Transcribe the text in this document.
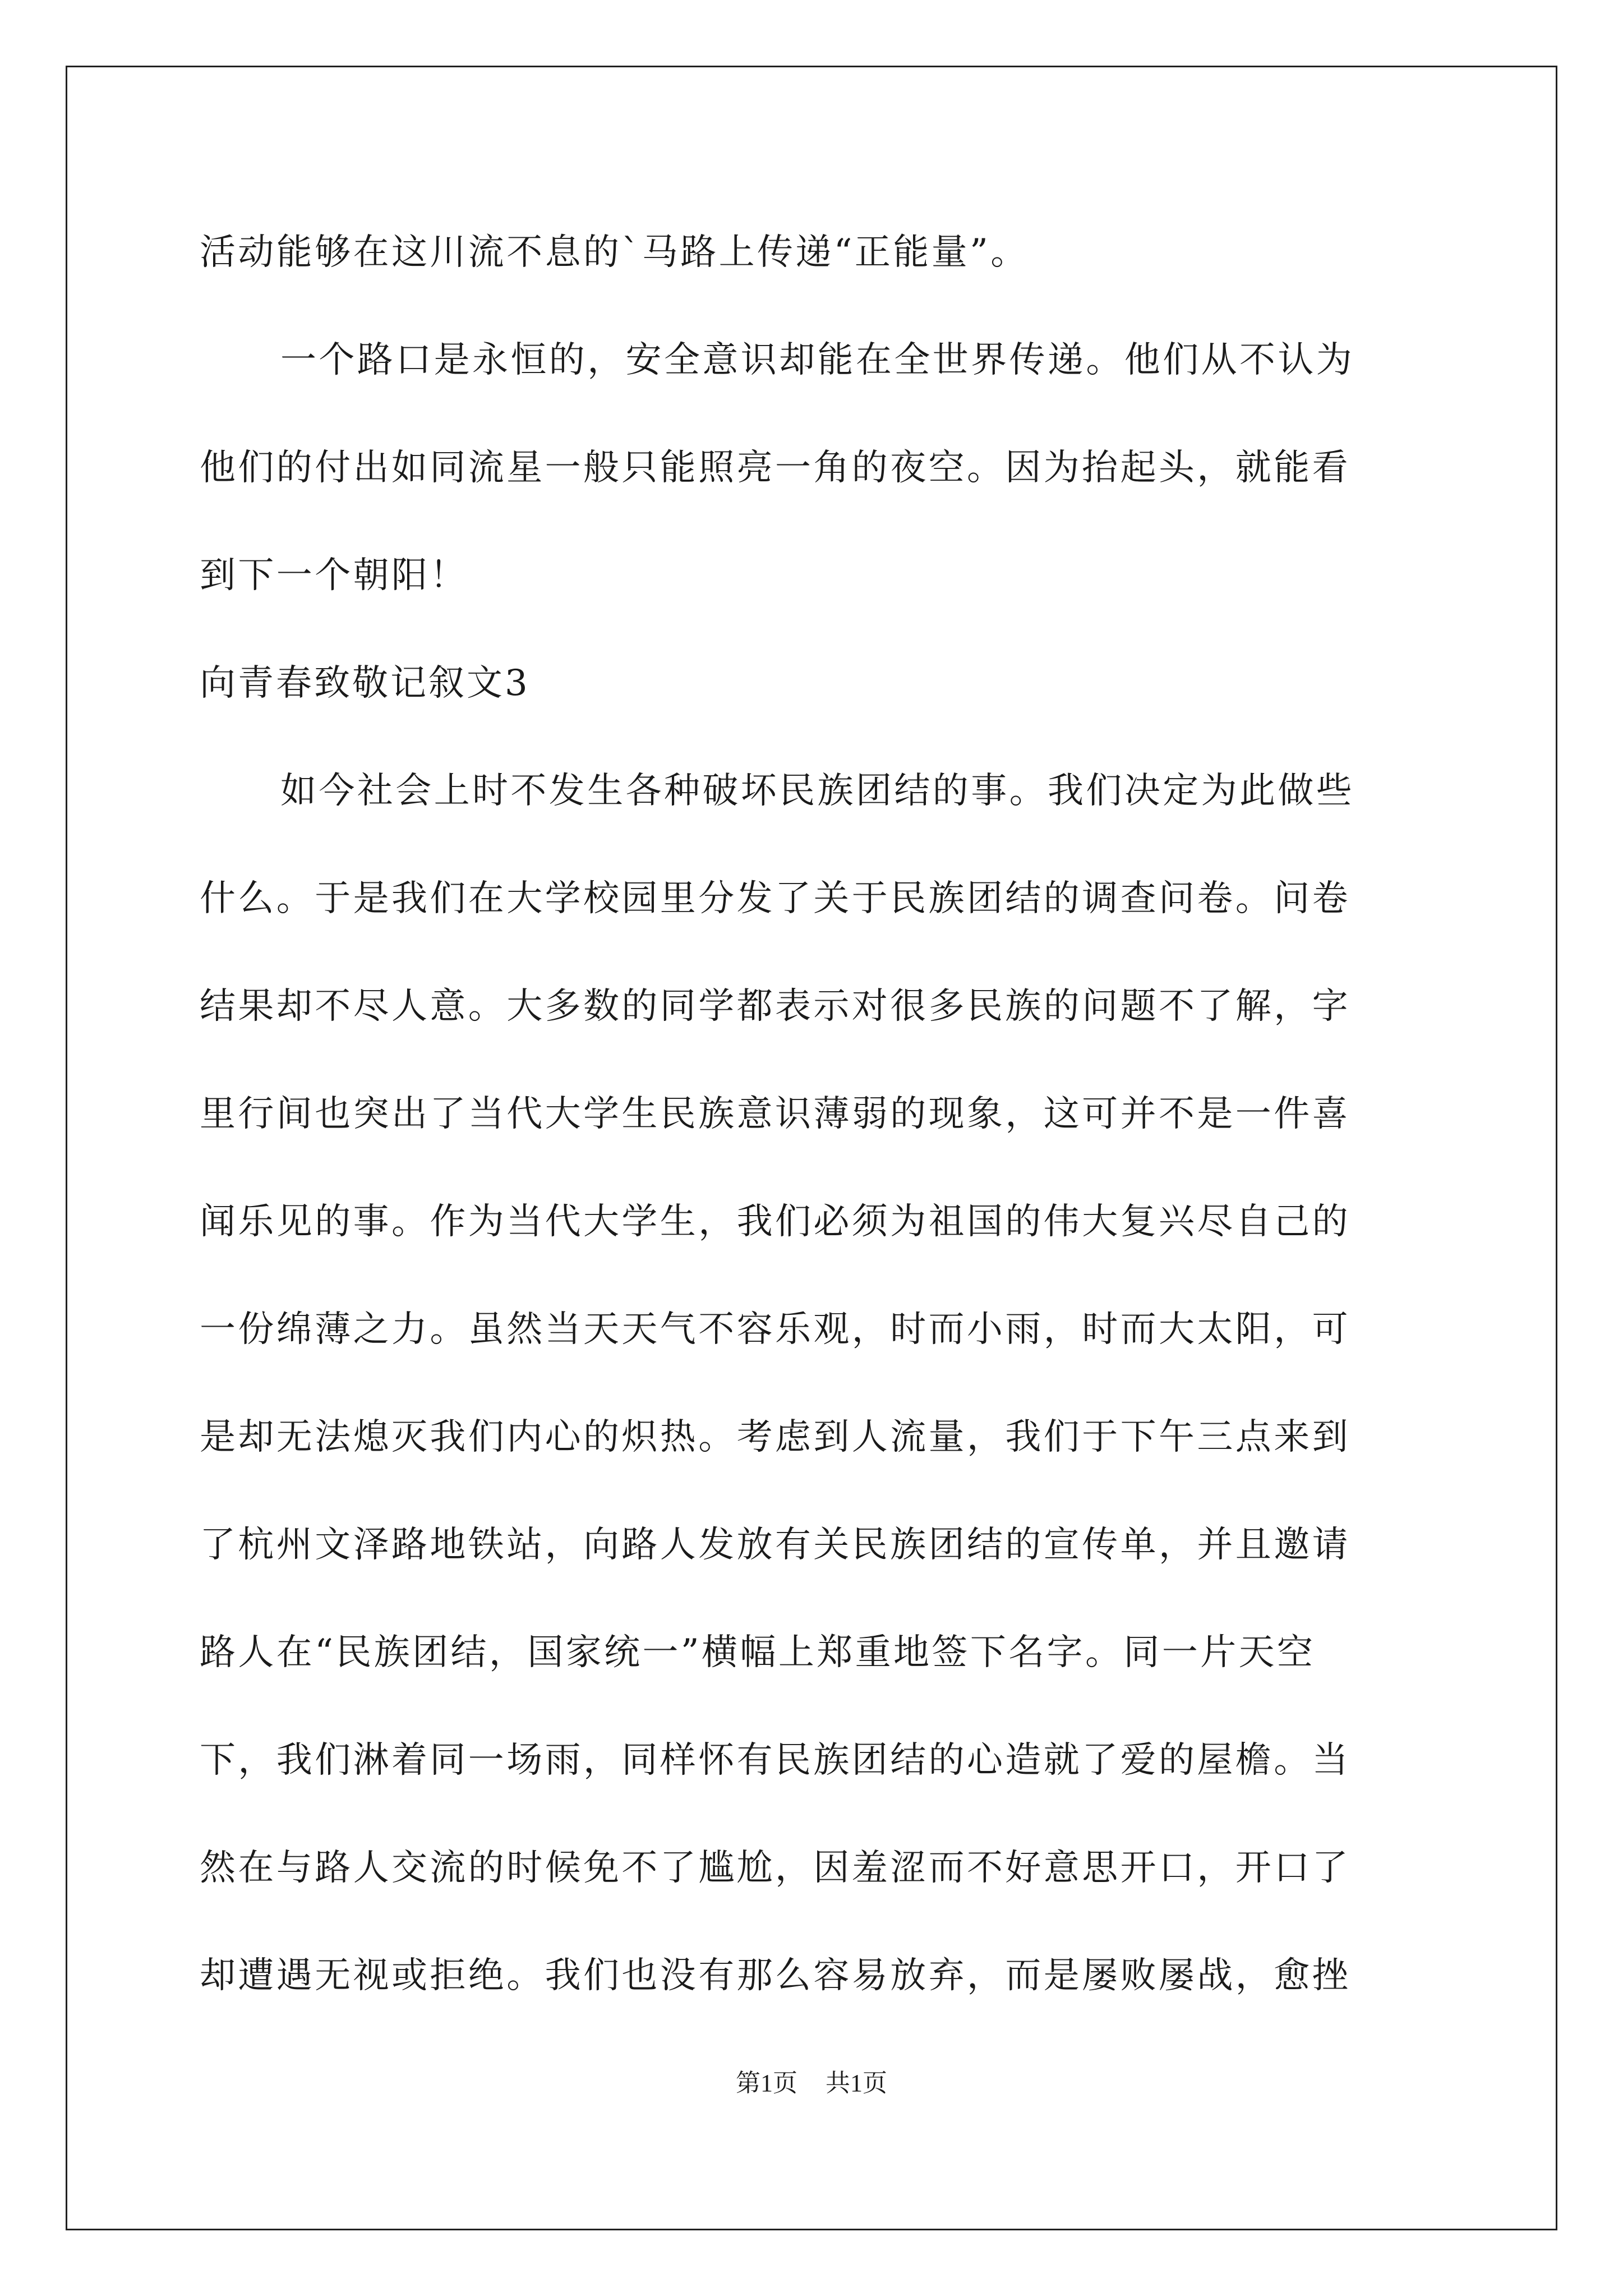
活动能够在这川流不息的`马路上传递“正能量”。
一个路口是永恒的，安全意识却能在全世界传递。他们从不认为
他们的付出如同流星一般只能照亮一角的夜空。因为抬起头，就能看
到下一个朝阳！
向青春致敬记叙文3
如今社会上时不发生各种破坏民族团结的事。我们决定为此做些
什么。于是我们在大学校园里分发了关于民族团结的调查问卷。问卷
结果却不尽人意。大多数的同学都表示对很多民族的问题不了解，字
里行间也突出了当代大学生民族意识薄弱的现象，这可并不是一件喜
闻乐见的事。作为当代大学生，我们必须为祖国的伟大复兴尽自己的
一份绵薄之力。虽然当天天气不容乐观，时而小雨，时而大太阳，可
是却无法熄灭我们内心的炽热。考虑到人流量，我们于下午三点来到
了杭州文泽路地铁站，向路人发放有关民族团结的宣传单，并且邀请
路人在“民族团结，国家统一”横幅上郑重地签下名字。同一片天空
下，我们淋着同一场雨，同样怀有民族团结的心造就了爱的屋檐。当
然在与路人交流的时候免不了尴尬，因羞涩而不好意思开口，开口了
却遭遇无视或拒绝。我们也没有那么容易放弃，而是屡败屡战，愈挫
第1页 共1页
